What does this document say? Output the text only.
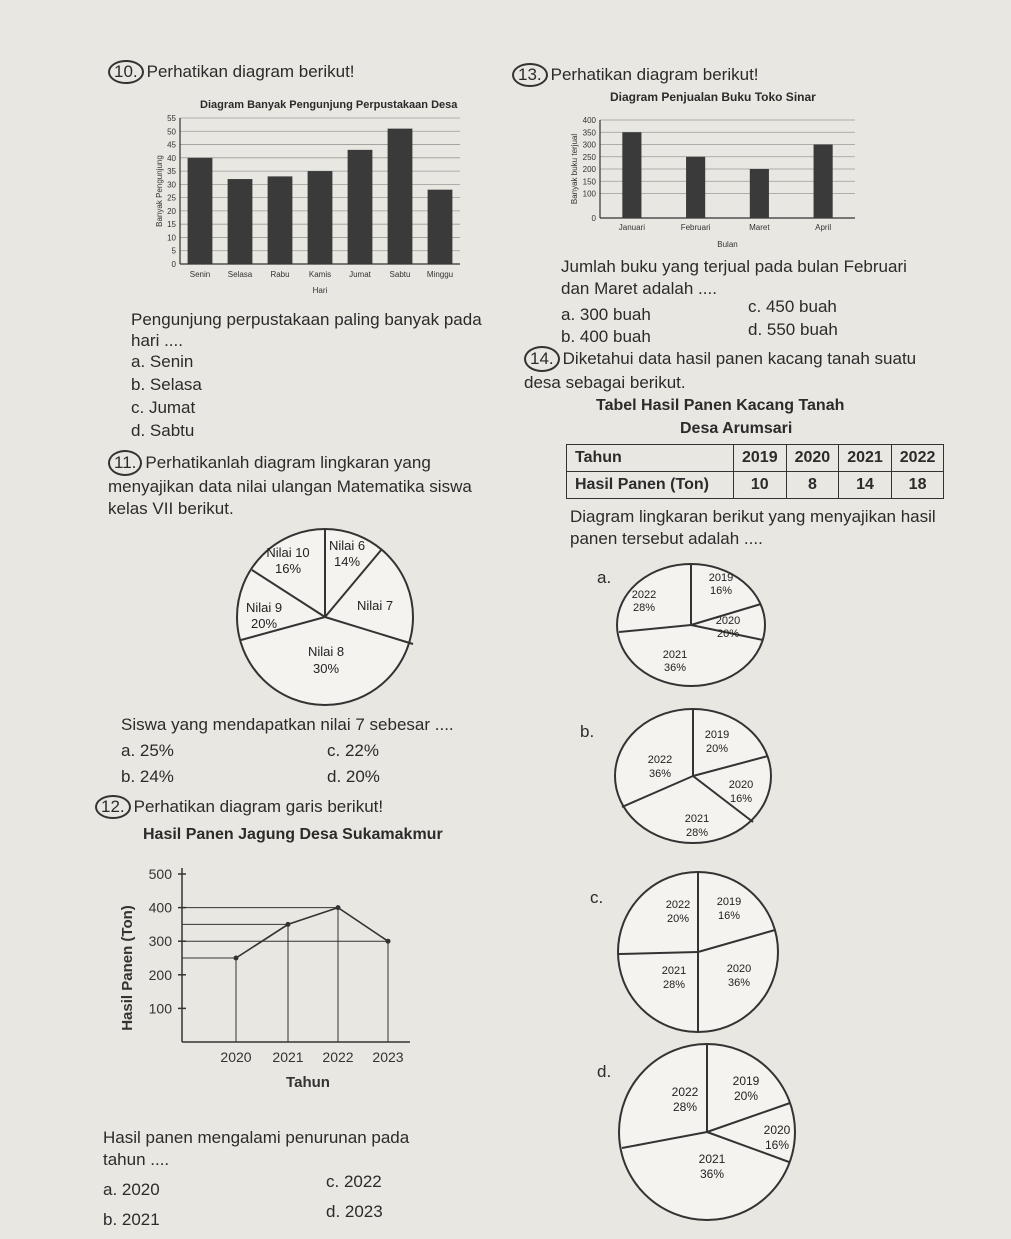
10. Perhatikan diagram berikut!
Diagram Banyak Pengunjung Perpustakaan Desa
0
5
10
15
20
25
30
35
40
45
50
55
Senin Selasa Rabu Kamis Jumat Sabtu Minggu
Hari
Banyak Pengunjung
Pengunjung perpustakaan paling banyak pada hari ....
a. Senin
b. Selasa
c. Jumat
d. Sabtu
11. Perhatikanlah diagram lingkaran yang menyajikan data nilai ulangan Matematika siswa kelas VII berikut.
Nilai 10
16%
Nilai 6
14%
Nilai 9
20%
Nilai 7
Nilai 8
30%
Siswa yang mendapatkan nilai 7 sebesar ....
a. 25%
b. 24%
c. 22%
d. 20%
12. Perhatikan diagram garis berikut!
Hasil Panen Jagung Desa Sukamakmur
100
200
300
400
500
2020 2021 2022 2023
Tahun
Hasil Panen (Ton)
Hasil panen mengalami penurunan pada
tahun ....
a. 2020
b. 2021
c. 2022
d. 2023
13. Perhatikan diagram berikut!
Diagram Penjualan Buku Toko Sinar
0
100
150
200
250
300
350
400
Januari	Februari	Maret	April
Bulan
Banyak buku terjual
Jumlah buku yang terjual pada bulan Februari dan Maret adalah ....
a. 300 buah
b. 400 buah
c. 450 buah
d. 550 buah
14. Diketahui data hasil panen kacang tanah suatu desa sebagai berikut.
Tabel Hasil Panen Kacang Tanah
Desa Arumsari
Tahun	2019	2020	2021	2022
Hasil Panen (Ton)	10	8	14	18
Diagram lingkaran berikut yang menyajikan hasil panen tersebut adalah ....
a.
2022
28%
2019
16%
2020
20%
2021
36%
b.	2019
20%
2022
36%
2020
16%
2021
28%
c.	2022
20%
2019
16%
2021
28%
2020
36%
d.	2019
20%
2022
28%
2020
16%
2021
36%
